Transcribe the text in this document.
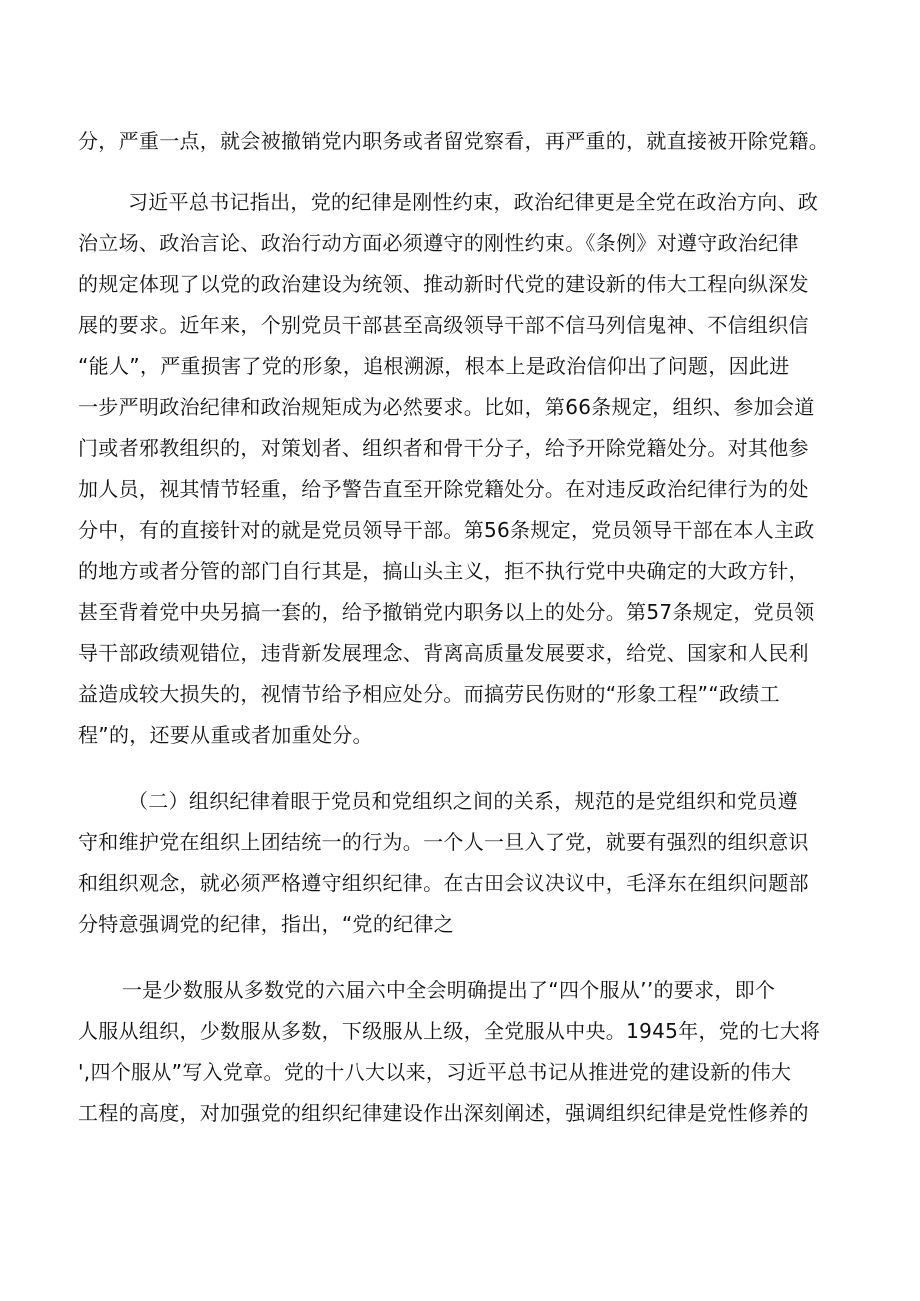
分，严重一点，就会被撤销党内职务或者留党察看，再严重的，就直接被开除党籍。
习近平总书记指出，党的纪律是刚性约束，政治纪律更是全党在政治方向、政
治立场、政治言论、政治行动方面必须遵守的刚性约束。《条例》对遵守政治纪律
的规定体现了以党的政治建设为统领、推动新时代党的建设新的伟大工程向纵深发
展的要求。近年来，个别党员干部甚至高级领导干部不信马列信鬼神、不信组织信
“能人”，严重损害了党的形象，追根溯源，根本上是政治信仰出了问题，因此进
一步严明政治纪律和政治规矩成为必然要求。比如，第66条规定，组织、参加会道
门或者邪教组织的，对策划者、组织者和骨干分子，给予开除党籍处分。对其他参
加人员，视其情节轻重，给予警告直至开除党籍处分。在对违反政治纪律行为的处
分中，有的直接针对的就是党员领导干部。第56条规定，党员领导干部在本人主政
的地方或者分管的部门自行其是，搞山头主义，拒不执行党中央确定的大政方针，
甚至背着党中央另搞一套的，给予撤销党内职务以上的处分。第57条规定，党员领
导干部政绩观错位，违背新发展理念、背离高质量发展要求，给党、国家和人民利
益造成较大损失的，视情节给予相应处分。而搞劳民伤财的“形象工程”“政绩工
程”的，还要从重或者加重处分。
（二）组织纪律着眼于党员和党组织之间的关系，规范的是党组织和党员遵
守和维护党在组织上团结统一的行为。一个人一旦入了党，就要有强烈的组织意识
和组织观念，就必须严格遵守组织纪律。在古田会议决议中，毛泽东在组织问题部
分特意强调党的纪律，指出，“党的纪律之
一是少数服从多数党的六届六中全会明确提出了“四个服从’’的要求，即个
人服从组织，少数服从多数，下级服从上级，全党服从中央。1945年，党的七大将
',四个服从”写入党章。党的十八大以来，习近平总书记从推进党的建设新的伟大
工程的高度，对加强党的组织纪律建设作出深刻阐述，强调组织纪律是党性修养的
